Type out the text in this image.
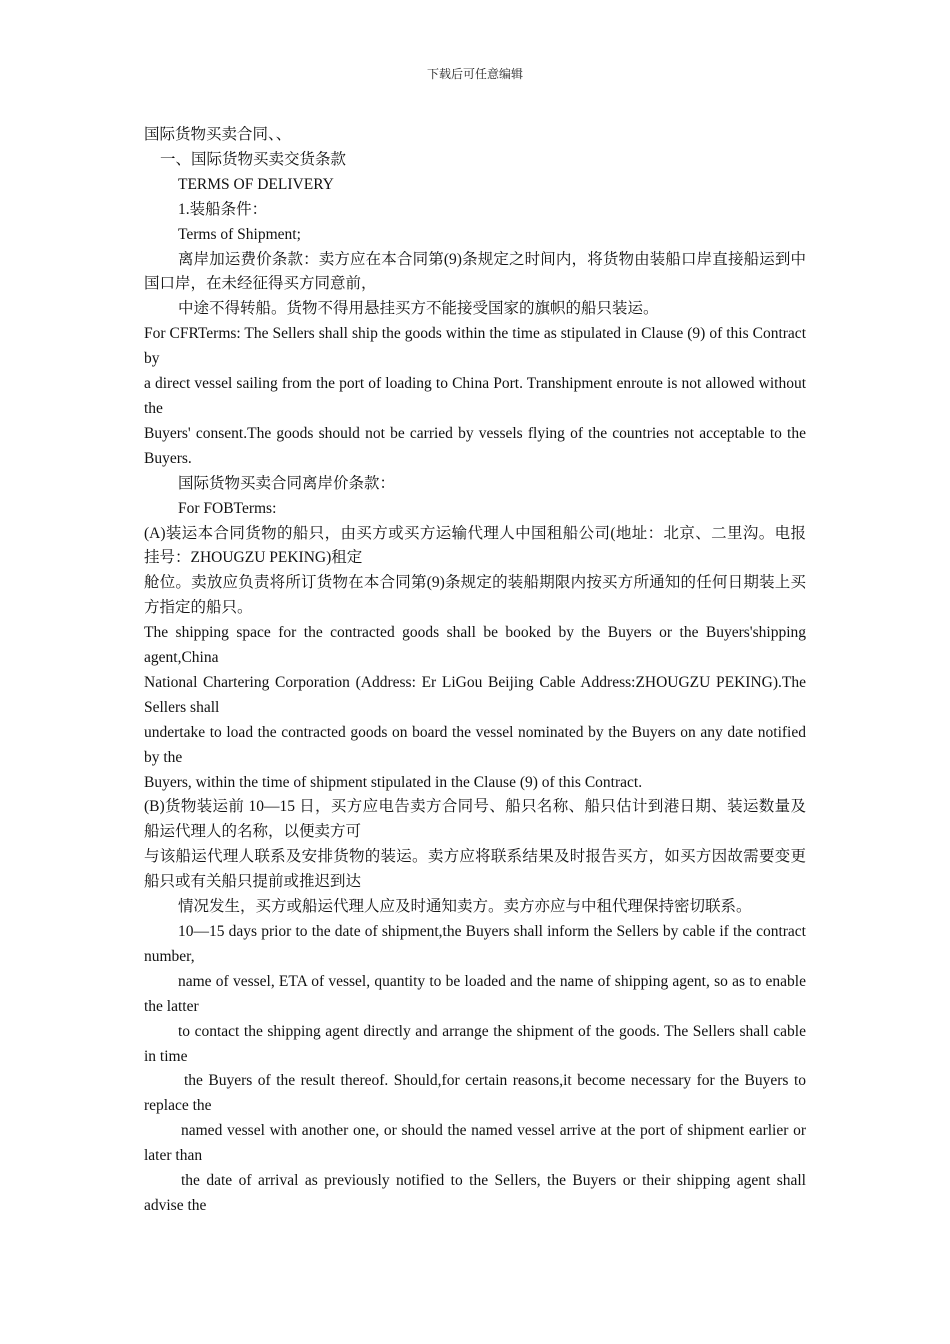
下载后可任意编辑

国际货物买卖合同、、

一、国际货物买卖交货条款

TERMS OF DELIVERY

1.装船条件：

Terms of Shipment;

离岸加运费价条款：卖方应在本合同第(9)条规定之时间内，将货物由装船口岸直接船运到中国口岸，在未经征得买方同意前，

中途不得转船。货物不得用悬挂买方不能接受国家的旗帜的船只装运。

For CFRTerms: The Sellers shall ship the goods within the time as stipulated in Clause (9) of this Contract by

a direct vessel sailing from the port of loading to China Port. Transhipment enroute is not allowed without the

Buyers' consent.The goods should not be carried by vessels flying of the countries not acceptable to the Buyers.

国际货物买卖合同离岸价条款：

For FOBTerms:

(A)装运本合同货物的船只，由买方或买方运输代理人中国租船公司(地址：北京、二里沟。电报挂号：ZHOUGZU PEKING)租定

舱位。卖放应负责将所订货物在本合同第(9)条规定的装船期限内按买方所通知的任何日期装上买方指定的船只。

The shipping space for the contracted goods shall be booked by the Buyers or the Buyers'shipping agent,China

National Chartering Corporation (Address: Er LiGou Beijing Cable Address:ZHOUGZU PEKING).The Sellers shall

undertake to load the contracted goods on board the vessel nominated by the Buyers on any date notified by the

Buyers, within the time of shipment stipulated in the Clause (9) of this Contract.

(B)货物装运前 10—15 日，买方应电告卖方合同号、船只名称、船只估计到港日期、装运数量及船运代理人的名称，以便卖方可

与该船运代理人联系及安排货物的装运。卖方应将联系结果及时报告买方，如买方因故需要变更船只或有关船只提前或推迟到达

情况发生，买方或船运代理人应及时通知卖方。卖方亦应与中租代理保持密切联系。

10—15 days prior to the date of shipment,the Buyers shall inform the Sellers by cable if the contract number,

name of vessel, ETA of vessel, quantity to be loaded and the name of shipping agent, so as to enable the latter

to contact the shipping agent directly and arrange the shipment of the goods. The Sellers shall cable in time

the Buyers of the result thereof. Should,for certain reasons,it become necessary for the Buyers to replace the

named vessel with another one, or should the named vessel arrive at the port of shipment earlier or later than

the date of arrival as previously notified to the Sellers, the Buyers or their shipping agent shall advise the
